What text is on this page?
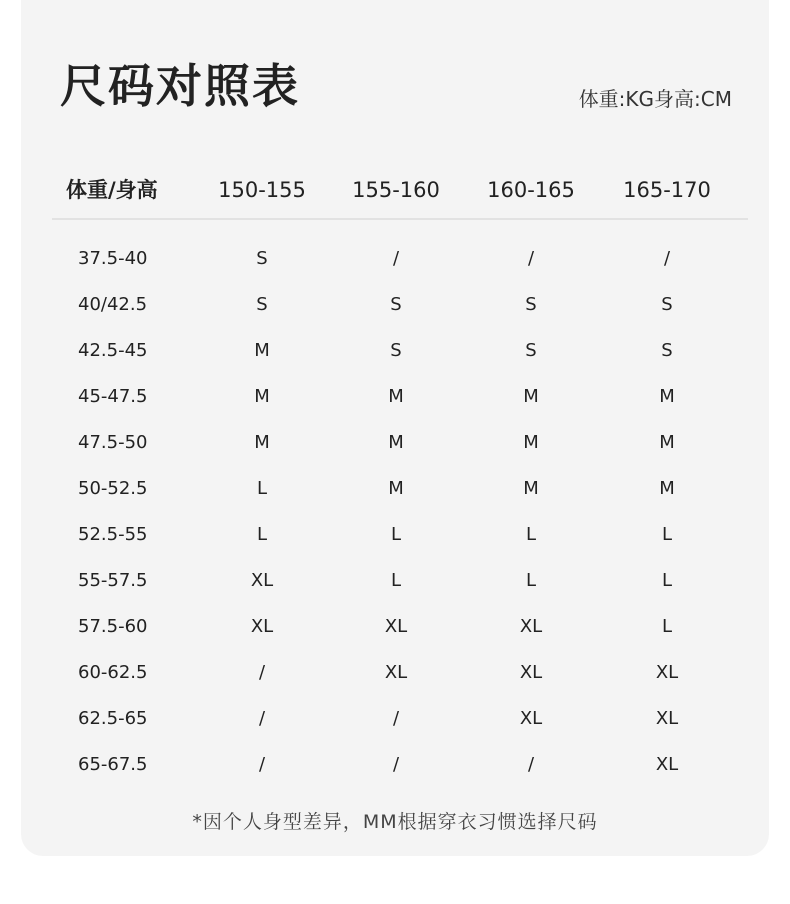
尺码对照表	体重:KG身高:CM
体重/身高	150-155 155-160 160-165 165-170
37.5-40	S	/	/	/
40/42.5	S	S	S	S
42.5-45	M	S	S	S
45-47.5	M	M	M	M
47.5-50	M	M	M	M
50-52.5	L	M	M	M
52.5-55	L	L	L	L
55-57.5	XL	L	L	L
57.5-60	XL	XL	XL	L
60-62.5	/	XL	XL	XL
62.5-65	/	/	XL	XL
65-67.5	/	/	/	XL
*因个人身型差异，MM根据穿衣习惯选择尺码
